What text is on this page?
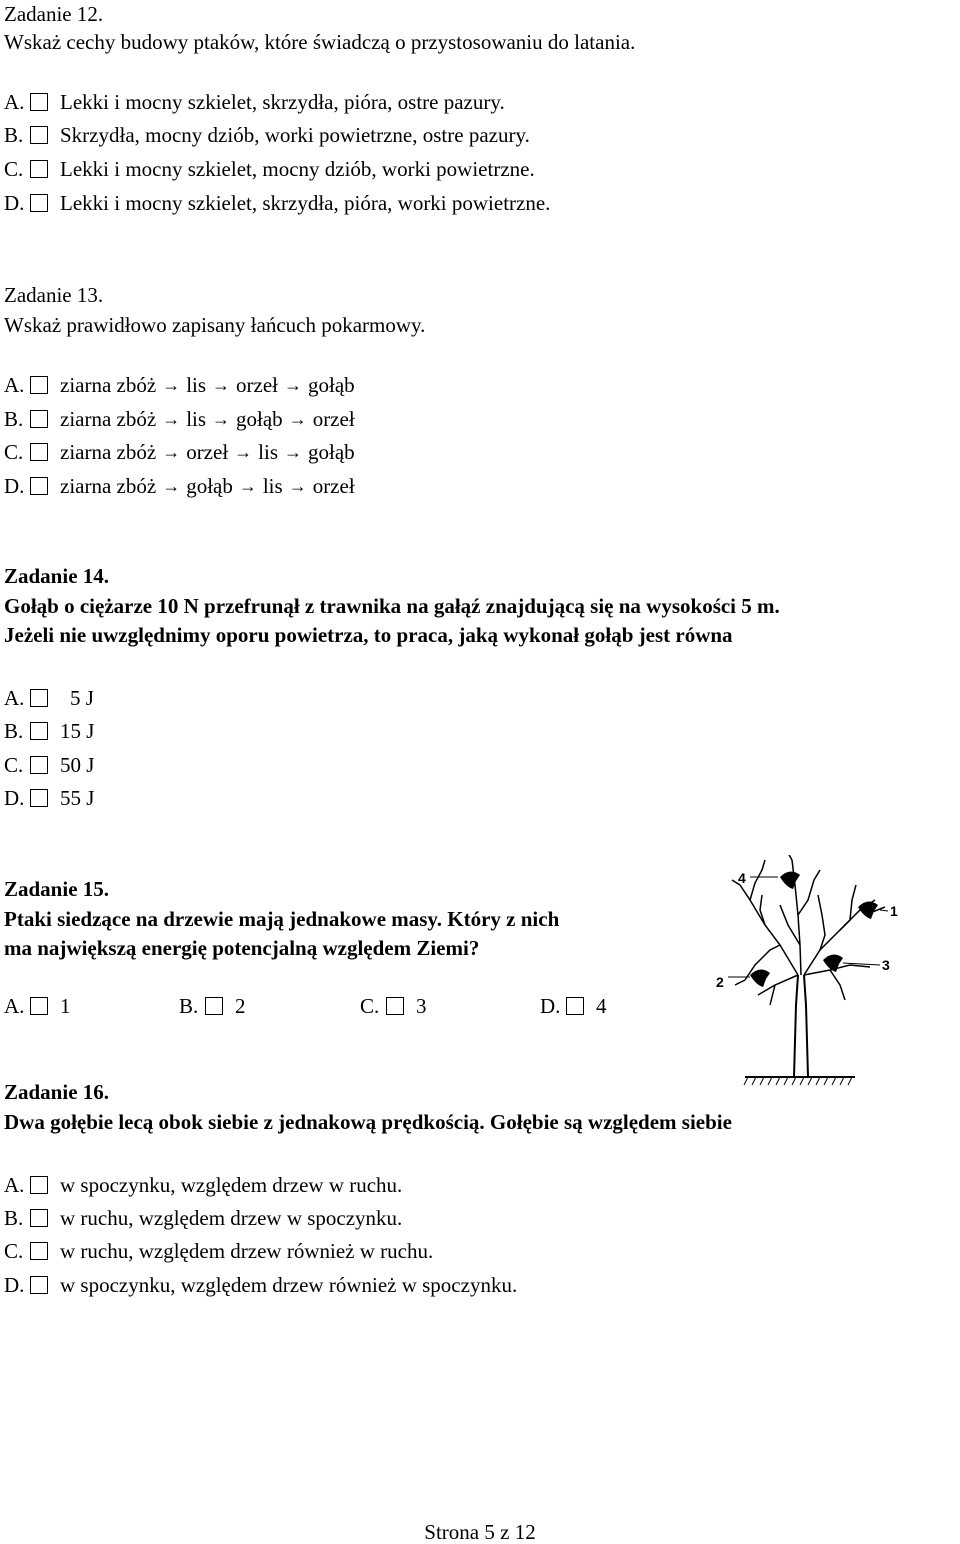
Zadanie 12.
Wskaż cechy budowy ptaków, które świadczą o przystosowaniu do latania.
A. Lekki i mocny szkielet, skrzydła, pióra, ostre pazury.
B.	Skrzydła, mocny dziób, worki powietrzne, ostre pazury.
C.	Lekki i mocny szkielet, mocny dziób, worki powietrzne.
D. Lekki i mocny szkielet, skrzydła, pióra, worki powietrzne.
Zadanie 13.
Wskaż prawidłowo zapisany łańcuch pokarmowy.
A. ziarna zbóż → lis → orzeł → gołąb
B.	ziarna zbóż → lis → gołąb → orzeł
C.	ziarna zbóż → orzeł → lis → gołąb
D. ziarna zbóż → gołąb → lis → orzeł
Zadanie 14.
Gołąb o ciężarze 10 N przefrunął z trawnika na gałąź znajdującą się na wysokości 5 m.
Jeżeli nie uwzględnimy oporu powietrza, to praca, jaką wykonał gołąb jest równa
A. 5 J
B.	15 J
C.	50 J
D. 55 J
Zadanie 15.
Ptaki siedzące na drzewie mają jednakowe masy. Który z nich
ma największą energię potencjalną względem Ziemi?
A. 1	B.	2	C.	3	D. 4
4
1
3
2
Zadanie 16.
Dwa gołębie lecą obok siebie z jednakową prędkością. Gołębie są względem siebie
A. w spoczynku, względem drzew w ruchu.
B.	w ruchu, względem drzew w spoczynku.
C.	w ruchu, względem drzew również w ruchu.
D. w spoczynku, względem drzew również w spoczynku.
Strona 5 z 12
